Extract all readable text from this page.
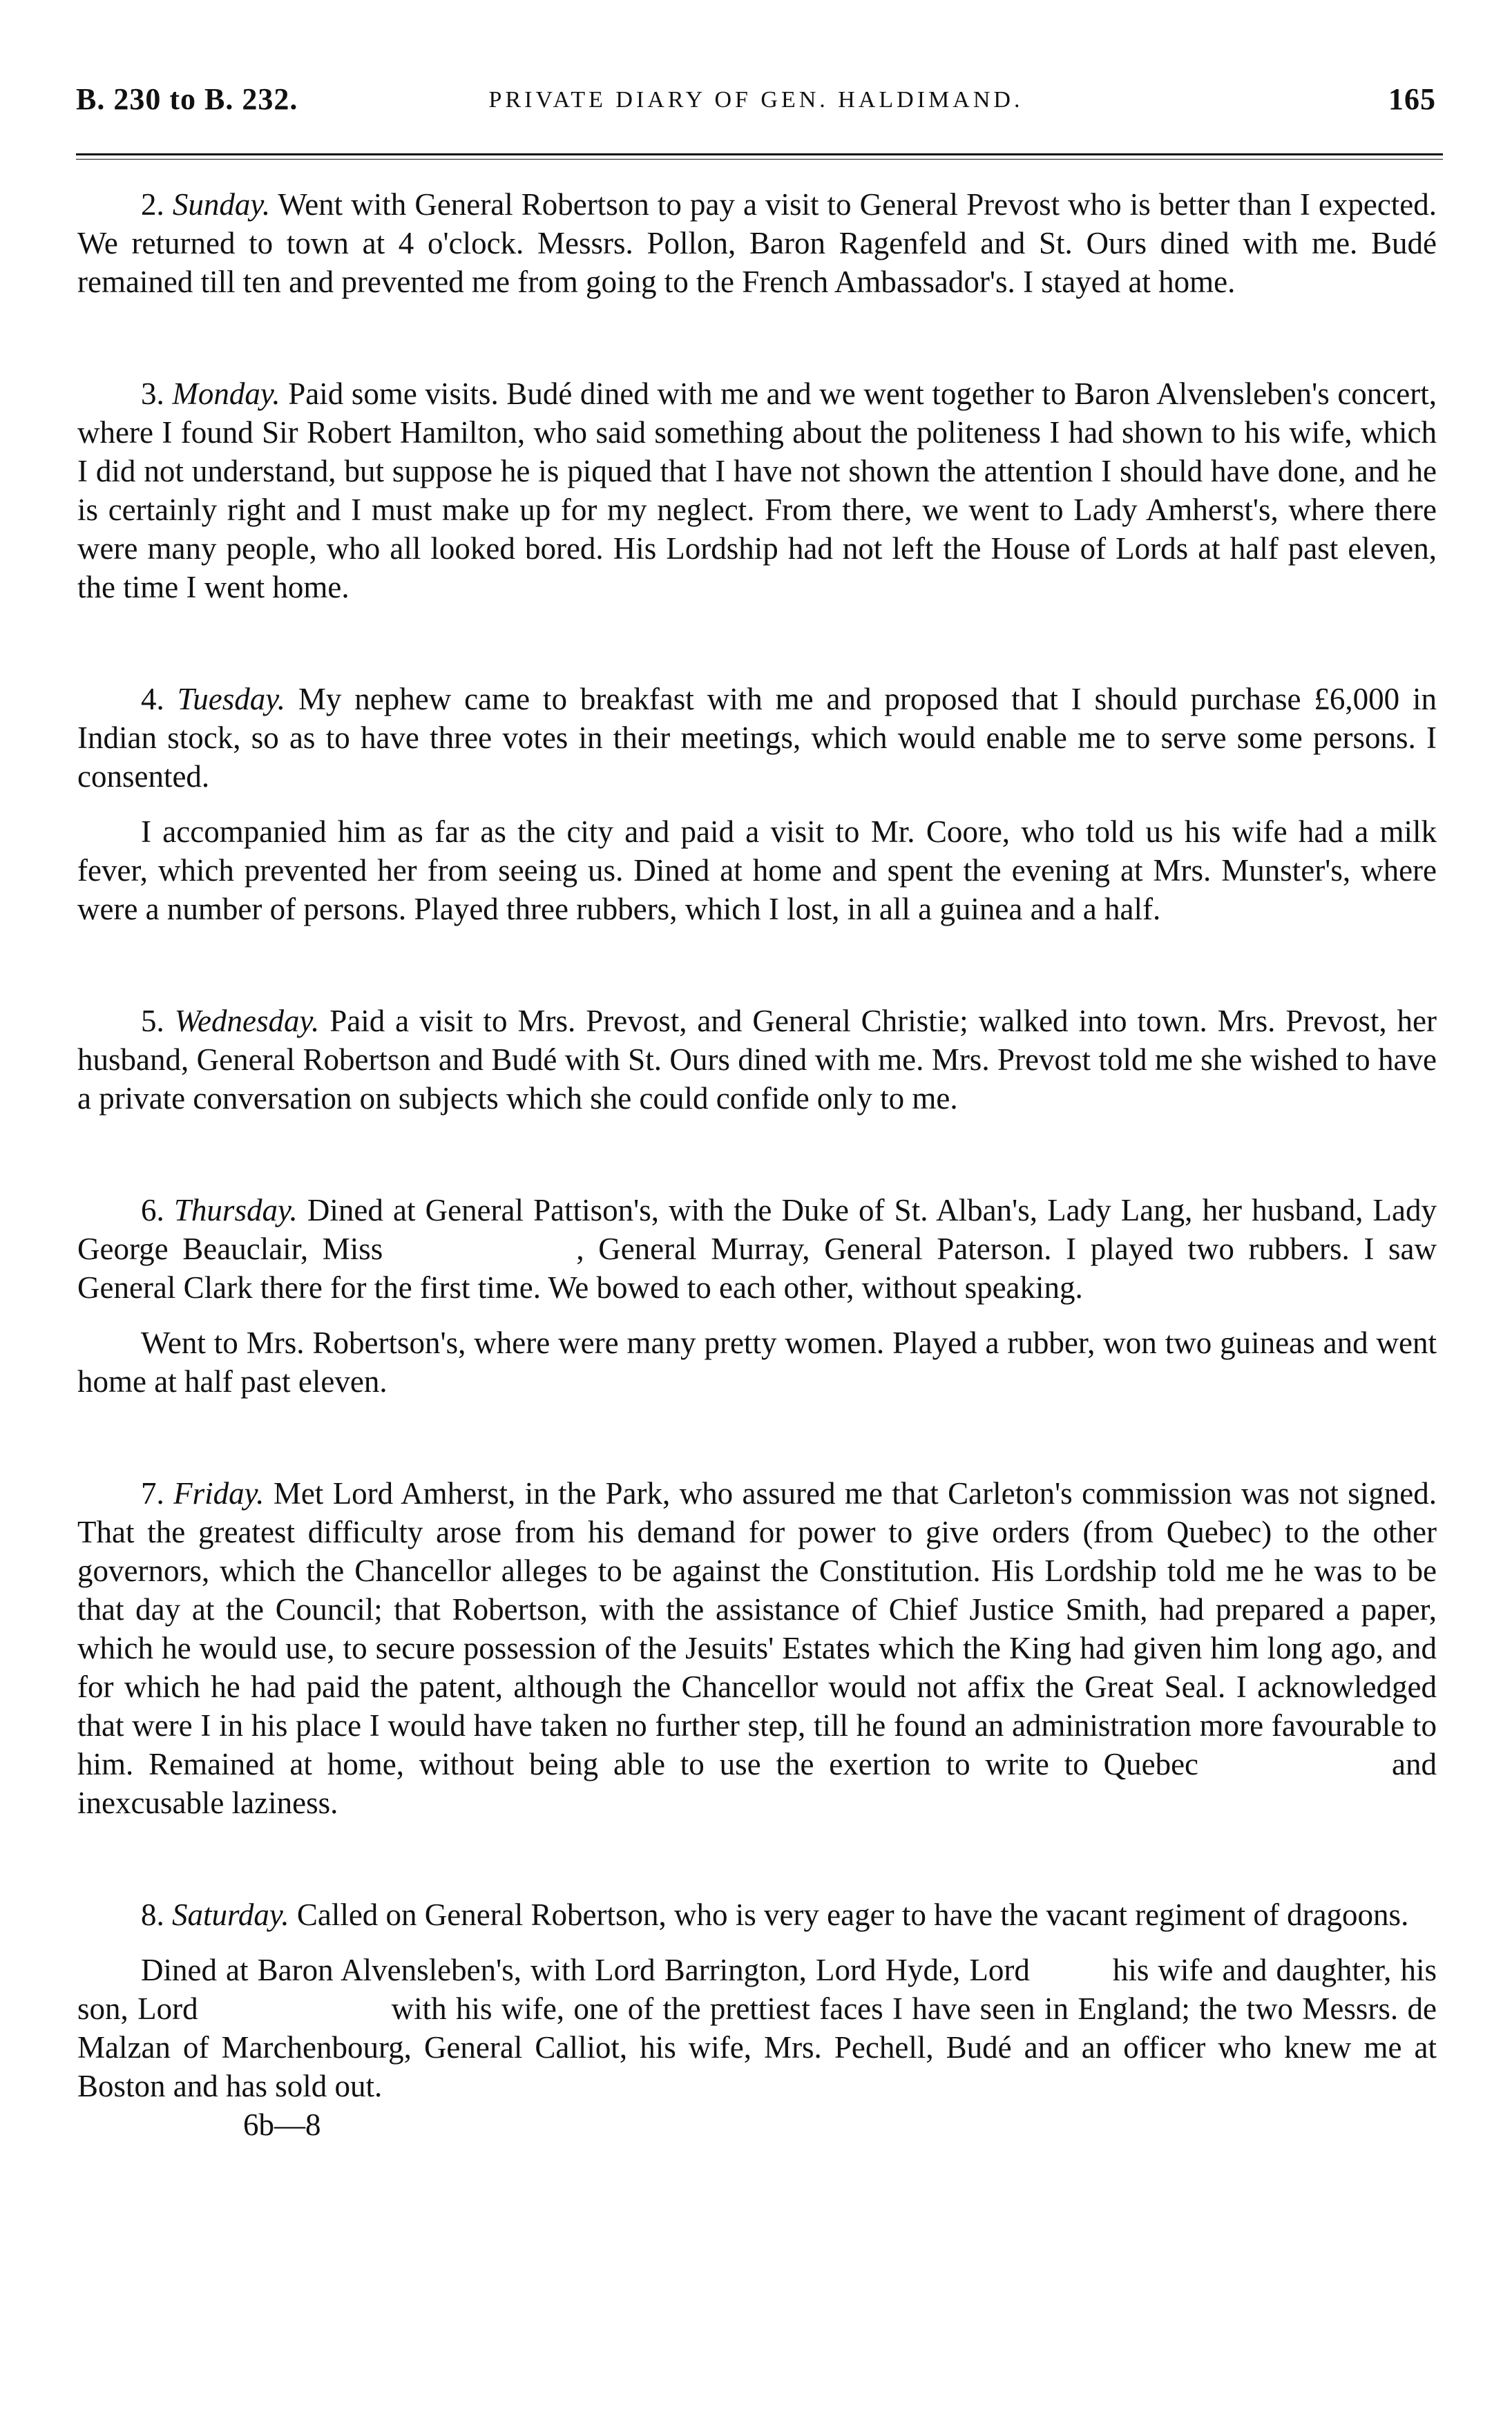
B. 230 to B. 232.	PRIVATE DIARY OF GEN. HALDIMAND.	165

2. Sunday. Went with General Robertson to pay a visit to General Prevost who is better than I expected. We returned to town at 4 o'clock. Messrs. Pollon, Baron Ragenfeld and St. Ours dined with me. Budé remained till ten and prevented me from going to the French Ambassador's. I stayed at home.

3. Monday. Paid some visits. Budé dined with me and we went together to Baron Alvensleben's concert, where I found Sir Robert Hamilton, who said something about the politeness I had shown to his wife, which I did not understand, but suppose he is piqued that I have not shown the attention I should have done, and he is certainly right and I must make up for my neglect. From there, we went to Lady Amherst's, where there were many people, who all looked bored. His Lordship had not left the House of Lords at half past eleven, the time I went home.

4. Tuesday. My nephew came to breakfast with me and proposed that I should purchase £6,000 in Indian stock, so as to have three votes in their meetings, which would enable me to serve some persons. I consented.

I accompanied him as far as the city and paid a visit to Mr. Coore, who told us his wife had a milk fever, which prevented her from seeing us. Dined at home and spent the evening at Mrs. Munster's, where were a number of persons. Played three rubbers, which I lost, in all a guinea and a half.

5. Wednesday. Paid a visit to Mrs. Prevost, and General Christie; walked into town. Mrs. Prevost, her husband, General Robertson and Budé with St. Ours dined with me. Mrs. Prevost told me she wished to have a private conversation on subjects which she could confide only to me.

6. Thursday. Dined at General Pattison's, with the Duke of St. Alban's, Lady Lang, her husband, Lady George Beauclair, Miss	, General Murray, General Paterson. I played two rubbers. I saw General Clark there for the first time. We bowed to each other, without speaking.

Went to Mrs. Robertson's, where were many pretty women. Played a rubber, won two guineas and went home at half past eleven.

7. Friday. Met Lord Amherst, in the Park, who assured me that Carleton's commission was not signed. That the greatest difficulty arose from his demand for power to give orders (from Quebec) to the other governors, which the Chancellor alleges to be against the Constitution. His Lordship told me he was to be that day at the Council; that Robertson, with the assistance of Chief Justice Smith, had prepared a paper, which he would use, to secure possession of the Jesuits' Estates which the King had given him long ago, and for which he had paid the patent, although the Chancellor would not affix the Great Seal. I acknowledged that were I in his place I would have taken no further step, till he found an administration more favourable to him. Remained at home, without being able to use the exertion to write to Quebec	and inexcusable laziness.

8. Saturday. Called on General Robertson, who is very eager to have the vacant regiment of dragoons.

Dined at Baron Alvensleben's, with Lord Barrington, Lord Hyde, Lord	his wife and daughter, his son, Lord	with his wife, one of the prettiest faces I have seen in England; the two Messrs. de Malzan of Marchenbourg, General Calliot, his wife, Mrs. Pechell, Budé and an officer who knew me at Boston and has sold out.

6b—8
